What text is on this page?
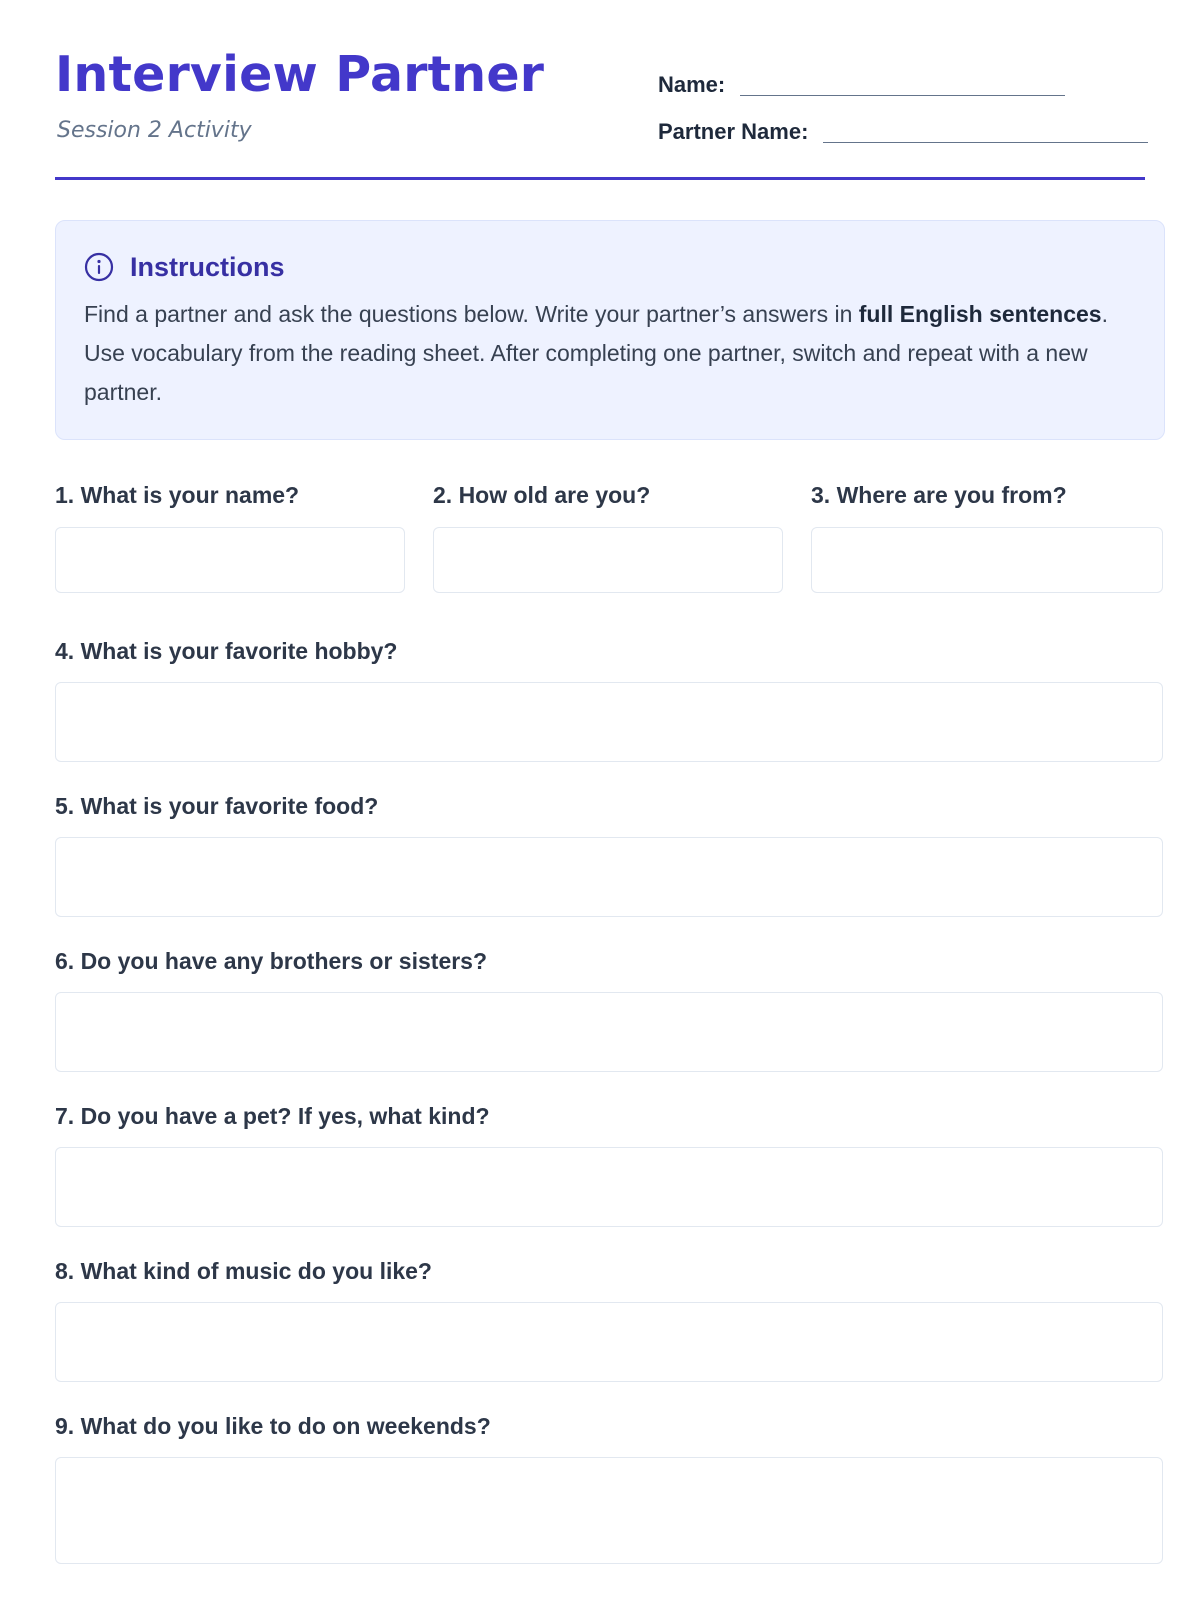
Interview Partner
Session 2 Activity
Name:
Partner Name:
Instructions
Find a partner and ask the questions below. Write your partner’s answers in full English sentences. Use vocabulary from the reading sheet. After completing one partner, switch and repeat with a new partner.
1. What is your name?	2. How old are you?	3. Where are you from?
4. What is your favorite hobby?
5. What is your favorite food?
6. Do you have any brothers or sisters?
7. Do you have a pet? If yes, what kind?
8. What kind of music do you like?
9. What do you like to do on weekends?
